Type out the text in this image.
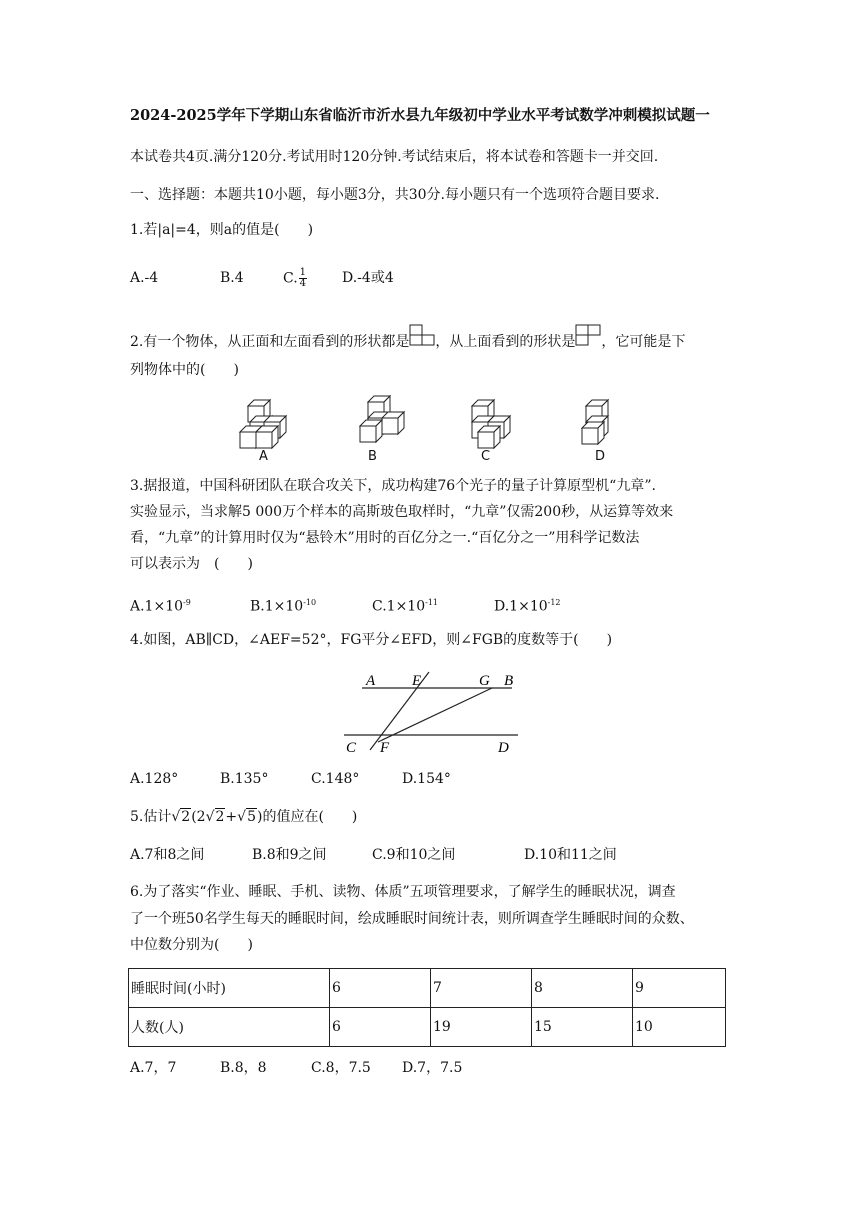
2024-2025学年下学期山东省临沂市沂水县九年级初中学业水平考试数学冲刺模拟试题一
本试卷共4页.满分120分.考试用时120分钟.考试结束后，将本试卷和答题卡一并交回.
一、选择题：本题共10小题，每小题3分，共30分.每小题只有一个选项符合题目要求.
1.若|a|=4，则a的值是(　　)
A.-4	B.4	C. $\frac{1}{4} D.-4$或4
2.有一个物体，从正面和左面看到的形状都是 ，从上面看到的形状是 ，它可能是下
列物体中的(　　)
A	B	C	D
3.据报道，中国科研团队在联合攻关下，成功构建76个光子的量子计算原型机“九章”.
实验显示，当求解5 000万个样本的高斯玻色取样时，“九章”仅需200秒，从运算等效来
看，“九章”的计算用时仅为“悬铃木”用时的百亿分之一.“百亿分之一”用科学记数法
可以表示为　(　　)
$A.1\times 10^{-9}$	$B.1\times 10^{-10}$	$C.1\times 10^{-11}$	$D.1\times 10^{-12}$
4.如图，AB∥CD，∠AEF=52°，FG平分∠EFD，则∠FGB的度数等于(　　)
A E	G B
C F	D
A.128°	B.135°	C.148°	D.154°
5.估计√2(2√2+√5)的值应在(　　)
A.7和8之间	B.8和9之间	C.9和10之间	D.10和11之间
6.为了落实“作业、睡眠、手机、读物、体质”五项管理要求，了解学生的睡眠状况，调查
了一个班50名学生每天的睡眠时间，绘成睡眠时间统计表，则所调查学生睡眠时间的众数、
中位数分别为(　　)
睡眠时间(小时)	6	7	8	9
人数(人)	6	19	15	10
A.7，7	B.8，8	C.8，7.5 D.7，7.5
